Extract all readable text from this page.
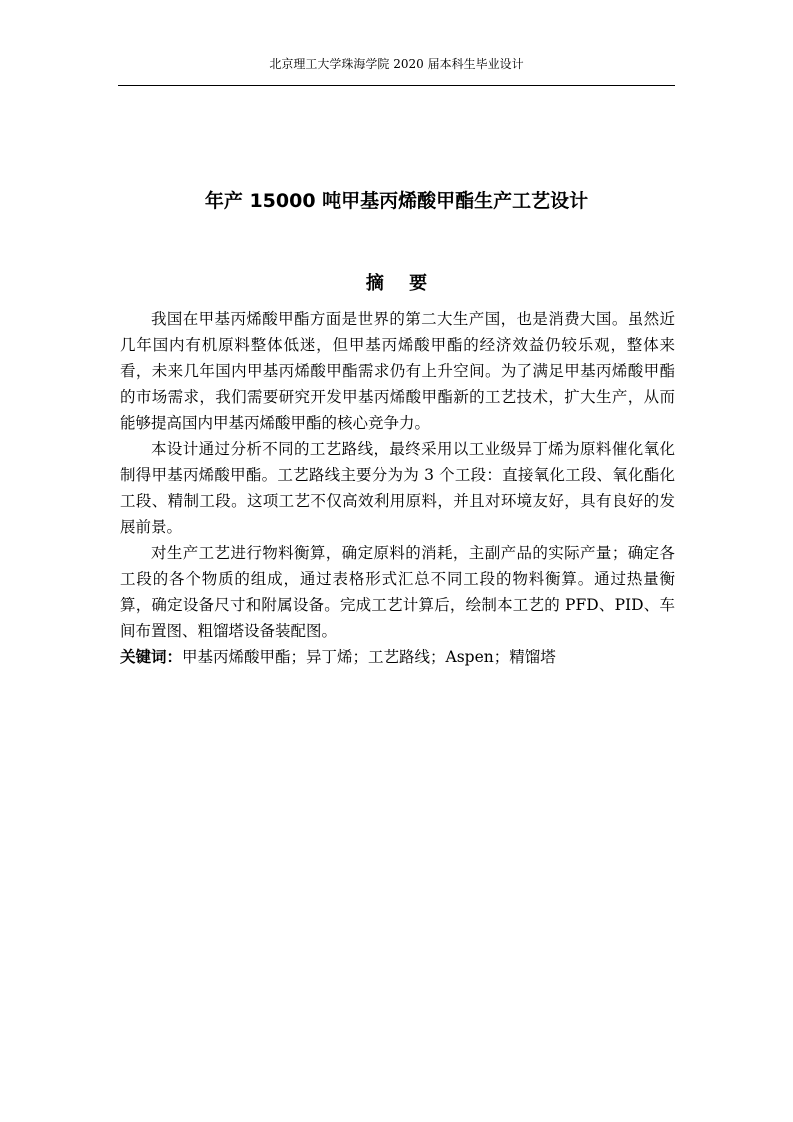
北京理工大学珠海学院 2020 届本科生毕业设计
年产 15000 吨甲基丙烯酸甲酯生产工艺设计
摘要

我国在甲基丙烯酸甲酯方面是世界的第二大生产国，也是消费大国。虽然近几年国内有机原料整体低迷，但甲基丙烯酸甲酯的经济效益仍较乐观，整体来看，未来几年国内甲基丙烯酸甲酯需求仍有上升空间。为了满足甲基丙烯酸甲酯的市场需求，我们需要研究开发甲基丙烯酸甲酯新的工艺技术，扩大生产，从而能够提高国内甲基丙烯酸甲酯的核心竞争力。

本设计通过分析不同的工艺路线，最终采用以工业级异丁烯为原料催化氧化制得甲基丙烯酸甲酯。工艺路线主要分为为 3 个工段：直接氧化工段、氧化酯化工段、精制工段。这项工艺不仅高效利用原料，并且对环境友好，具有良好的发展前景。

对生产工艺进行物料衡算，确定原料的消耗，主副产品的实际产量；确定各工段的各个物质的组成，通过表格形式汇总不同工段的物料衡算。通过热量衡算，确定设备尺寸和附属设备。完成工艺计算后，绘制本工艺的 PFD、PID、车间布置图、粗馏塔设备装配图。

关键词：甲基丙烯酸甲酯；异丁烯；工艺路线；Aspen；精馏塔
